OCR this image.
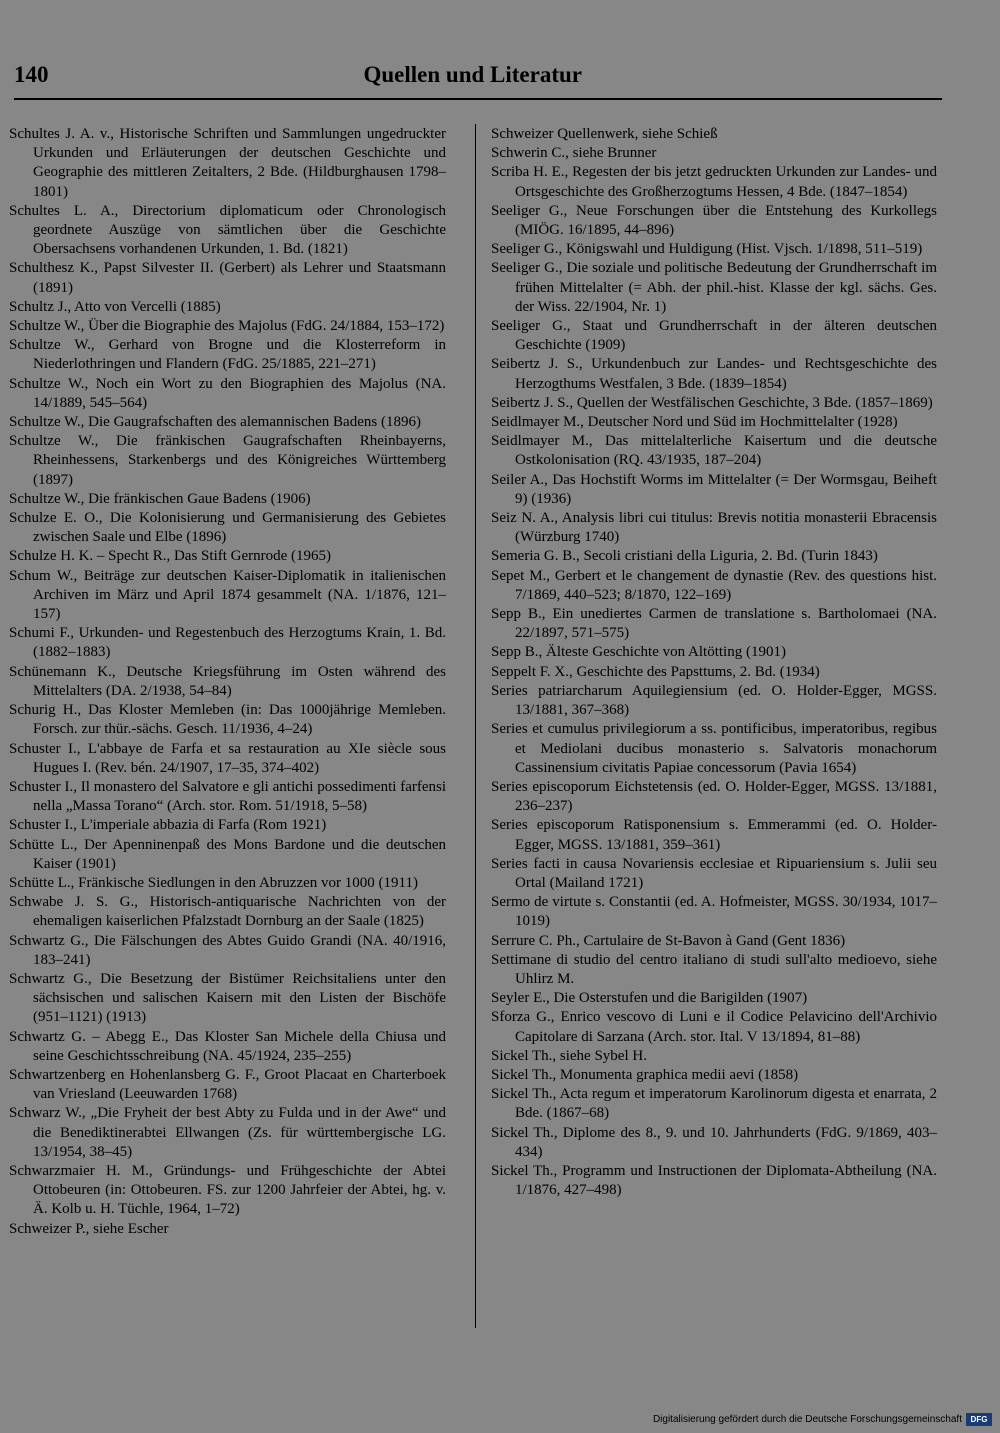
140	Quellen und Literatur
Schultes J. A. v., Historische Schriften und Sammlungen ungedruckter Urkunden und Erläuterungen der deutschen Geschichte und Geographie des mittleren Zeitalters, 2 Bde. (Hildburghausen 1798–1801)
Schultes L. A., Directorium diplomaticum oder Chronologisch geordnete Auszüge von sämtlichen über die Geschichte Obersachsens vorhandenen Urkunden, 1. Bd. (1821)
Schulthesz K., Papst Silvester II. (Gerbert) als Lehrer und Staatsmann (1891)
Schultz J., Atto von Vercelli (1885)
Schultze W., Über die Biographie des Majolus (FdG. 24/1884, 153–172)
Schultze W., Gerhard von Brogne und die Klosterreform in Niederlothringen und Flandern (FdG. 25/1885, 221–271)
Schultze W., Noch ein Wort zu den Biographien des Majolus (NA. 14/1889, 545–564)
Schultze W., Die Gaugrafschaften des alemannischen Badens (1896)
Schultze W., Die fränkischen Gaugrafschaften Rheinbayerns, Rheinhessens, Starkenbergs und des Königreiches Württemberg (1897)
Schultze W., Die fränkischen Gaue Badens (1906)
Schulze E. O., Die Kolonisierung und Germanisierung des Gebietes zwischen Saale und Elbe (1896)
Schulze H. K. – Specht R., Das Stift Gernrode (1965)
Schum W., Beiträge zur deutschen Kaiser-Diplomatik in italienischen Archiven im März und April 1874 gesammelt (NA. 1/1876, 121–157)
Schumi F., Urkunden- und Regestenbuch des Herzogtums Krain, 1. Bd. (1882–1883)
Schünemann K., Deutsche Kriegsführung im Osten während des Mittelalters (DA. 2/1938, 54–84)
Schurig H., Das Kloster Memleben (in: Das 1000jährige Memleben. Forsch. zur thür.-sächs. Gesch. 11/1936, 4–24)
Schuster I., L'abbaye de Farfa et sa restauration au XIe siècle sous Hugues I. (Rev. bén. 24/1907, 17–35, 374–402)
Schuster I., Il monastero del Salvatore e gli antichi possedimenti farfensi nella „Massa Torano“ (Arch. stor. Rom. 51/1918, 5–58)
Schuster I., L'imperiale abbazia di Farfa (Rom 1921)
Schütte L., Der Apenninenpaß des Mons Bardone und die deutschen Kaiser (1901)
Schütte L., Fränkische Siedlungen in den Abruzzen vor 1000 (1911)
Schwabe J. S. G., Historisch-antiquarische Nachrichten von der ehemaligen kaiserlichen Pfalzstadt Dornburg an der Saale (1825)
Schwartz G., Die Fälschungen des Abtes Guido Grandi (NA. 40/1916, 183–241)
Schwartz G., Die Besetzung der Bistümer Reichsitaliens unter den sächsischen und salischen Kaisern mit den Listen der Bischöfe (951–1121) (1913)
Schwartz G. – Abegg E., Das Kloster San Michele della Chiusa und seine Geschichtsschreibung (NA. 45/1924, 235–255)
Schwartzenberg en Hohenlansberg G. F., Groot Placaat en Charterboek van Vriesland (Leeuwarden 1768)
Schwarz W., „Die Fryheit der best Abty zu Fulda und in der Awe“ und die Benediktinerabtei Ellwangen (Zs. für württembergische LG. 13/1954, 38–45)
Schwarzmaier H. M., Gründungs- und Frühgeschichte der Abtei Ottobeuren (in: Ottobeuren. FS. zur 1200 Jahrfeier der Abtei, hg. v. Ä. Kolb u. H. Tüchle, 1964, 1–72)
Schweizer P., siehe Escher
Schweizer Quellenwerk, siehe Schieß
Schwerin C., siehe Brunner
Scriba H. E., Regesten der bis jetzt gedruckten Urkunden zur Landes- und Ortsgeschichte des Großherzogtums Hessen, 4 Bde. (1847–1854)
Seeliger G., Neue Forschungen über die Entstehung des Kurkollegs (MIÖG. 16/1895, 44–896)
Seeliger G., Königswahl und Huldigung (Hist. Vjsch. 1/1898, 511–519)
Seeliger G., Die soziale und politische Bedeutung der Grundherrschaft im frühen Mittelalter (= Abh. der phil.-hist. Klasse der kgl. sächs. Ges. der Wiss. 22/1904, Nr. 1)
Seeliger G., Staat und Grundherrschaft in der älteren deutschen Geschichte (1909)
Seibertz J. S., Urkundenbuch zur Landes- und Rechtsgeschichte des Herzogthums Westfalen, 3 Bde. (1839–1854)
Seibertz J. S., Quellen der Westfälischen Geschichte, 3 Bde. (1857–1869)
Seidlmayer M., Deutscher Nord und Süd im Hochmittelalter (1928)
Seidlmayer M., Das mittelalterliche Kaisertum und die deutsche Ostkolonisation (RQ. 43/1935, 187–204)
Seiler A., Das Hochstift Worms im Mittelalter (= Der Wormsgau, Beiheft 9) (1936)
Seiz N. A., Analysis libri cui titulus: Brevis notitia monasterii Ebracensis (Würzburg 1740)
Semeria G. B., Secoli cristiani della Liguria, 2. Bd. (Turin 1843)
Sepet M., Gerbert et le changement de dynastie (Rev. des questions hist. 7/1869, 440–523; 8/1870, 122–169)
Sepp B., Ein unediertes Carmen de translatione s. Bartholomaei (NA. 22/1897, 571–575)
Sepp B., Älteste Geschichte von Altötting (1901)
Seppelt F. X., Geschichte des Papsttums, 2. Bd. (1934)
Series patriarcharum Aquilegiensium (ed. O. Holder-Egger, MGSS. 13/1881, 367–368)
Series et cumulus privilegiorum a ss. pontificibus, imperatoribus, regibus et Mediolani ducibus monasterio s. Salvatoris monachorum Cassinensium civitatis Papiae concessorum (Pavia 1654)
Series episcoporum Eichstetensis (ed. O. Holder-Egger, MGSS. 13/1881, 236–237)
Series episcoporum Ratisponensium s. Emmerammi (ed. O. Holder-Egger, MGSS. 13/1881, 359–361)
Series facti in causa Novariensis ecclesiae et Ripuariensium s. Julii seu Ortal (Mailand 1721)
Sermo de virtute s. Constantii (ed. A. Hofmeister, MGSS. 30/1934, 1017–1019)
Serrure C. Ph., Cartulaire de St-Bavon à Gand (Gent 1836)
Settimane di studio del centro italiano di studi sull'alto medioevo, siehe Uhlirz M.
Seyler E., Die Osterstufen und die Barigilden (1907)
Sforza G., Enrico vescovo di Luni e il Codice Pelavicino dell'Archivio Capitolare di Sarzana (Arch. stor. Ital. V 13/1894, 81–88)
Sickel Th., siehe Sybel H.
Sickel Th., Monumenta graphica medii aevi (1858)
Sickel Th., Acta regum et imperatorum Karolinorum digesta et enarrata, 2 Bde. (1867–68)
Sickel Th., Diplome des 8., 9. und 10. Jahrhunderts (FdG. 9/1869, 403–434)
Sickel Th., Programm und Instructionen der Diplomata-Abtheilung (NA. 1/1876, 427–498)
Digitalisierung gefördert durch die Deutsche Forschungsgemeinschaft	DFG
